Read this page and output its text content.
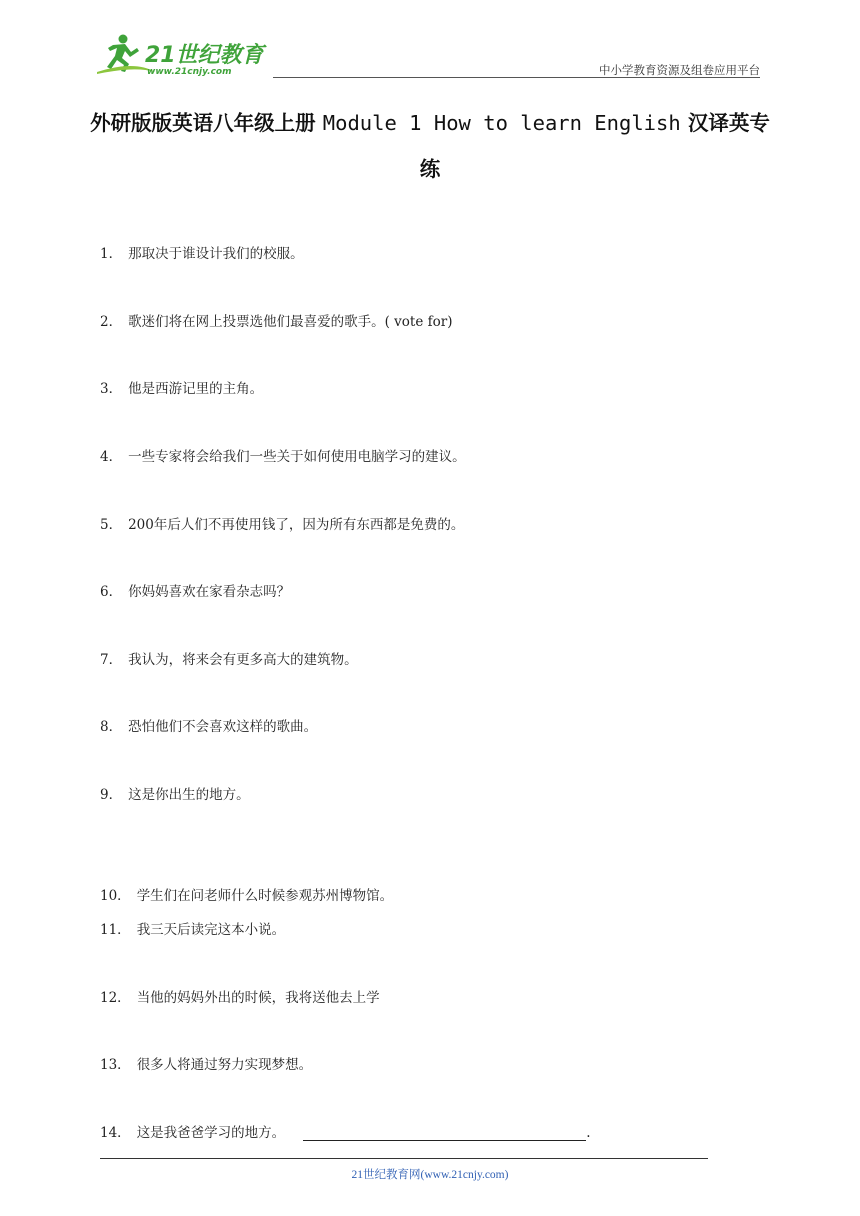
21世纪教育
www.21cnjy.com	中小学教育资源及组卷应用平台
外研版版英语八年级上册 Module 1 How to learn English 汉译英专练
1． 那取决于谁设计我们的校服。
2． 歌迷们将在网上投票选他们最喜爱的歌手。( vote for)
3． 他是西游记里的主角。
4． 一些专家将会给我们一些关于如何使用电脑学习的建议。
5． 200年后人们不再使用钱了，因为所有东西都是免费的。
6． 你妈妈喜欢在家看杂志吗？
7． 我认为，将来会有更多高大的建筑物。
8． 恐怕他们不会喜欢这样的歌曲。
9． 这是你出生的地方。
10． 学生们在问老师什么时候参观苏州博物馆。
11． 我三天后读完这本小说。
12． 当他的妈妈外出的时候，我将送他去上学
13． 很多人将通过努力实现梦想。
14． 这是我爸爸学习的地方。	.
21世纪教育网(www.21cnjy.com)
